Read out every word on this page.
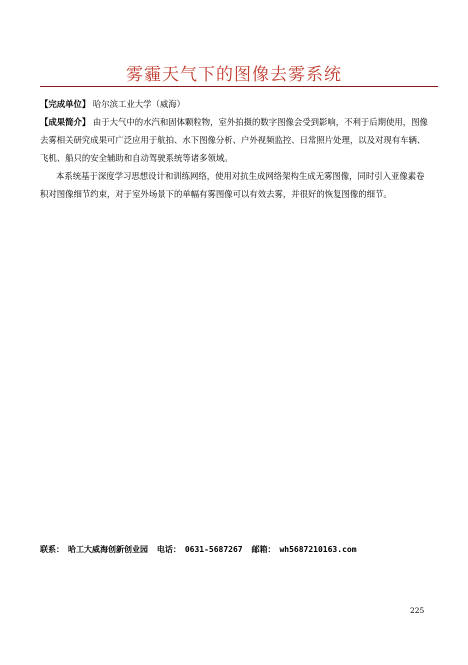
雾霾天气下的图像去雾系统
【完成单位】 哈尔滨工业大学（威海）
【成果简介】 由于大气中的水汽和固体颗粒物，室外拍摄的数字图像会受到影响，不利于后期使用，图像去雾相关研究成果可广泛应用于航拍、水下图像分析、户外视频监控、日常照片处理，以及对现有车辆、飞机、船只的安全辅助和自动驾驶系统等诸多领域。
本系统基于深度学习思想设计和训练网络，使用对抗生成网络架构生成无雾图像，同时引入亚像素卷积对图像细节约束，对于室外场景下的单幅有雾图像可以有效去雾，并很好的恢复图像的细节。
联系： 哈工大威海创新创业园 电话： 0631-5687267 邮箱： wh5687210163.com
225
